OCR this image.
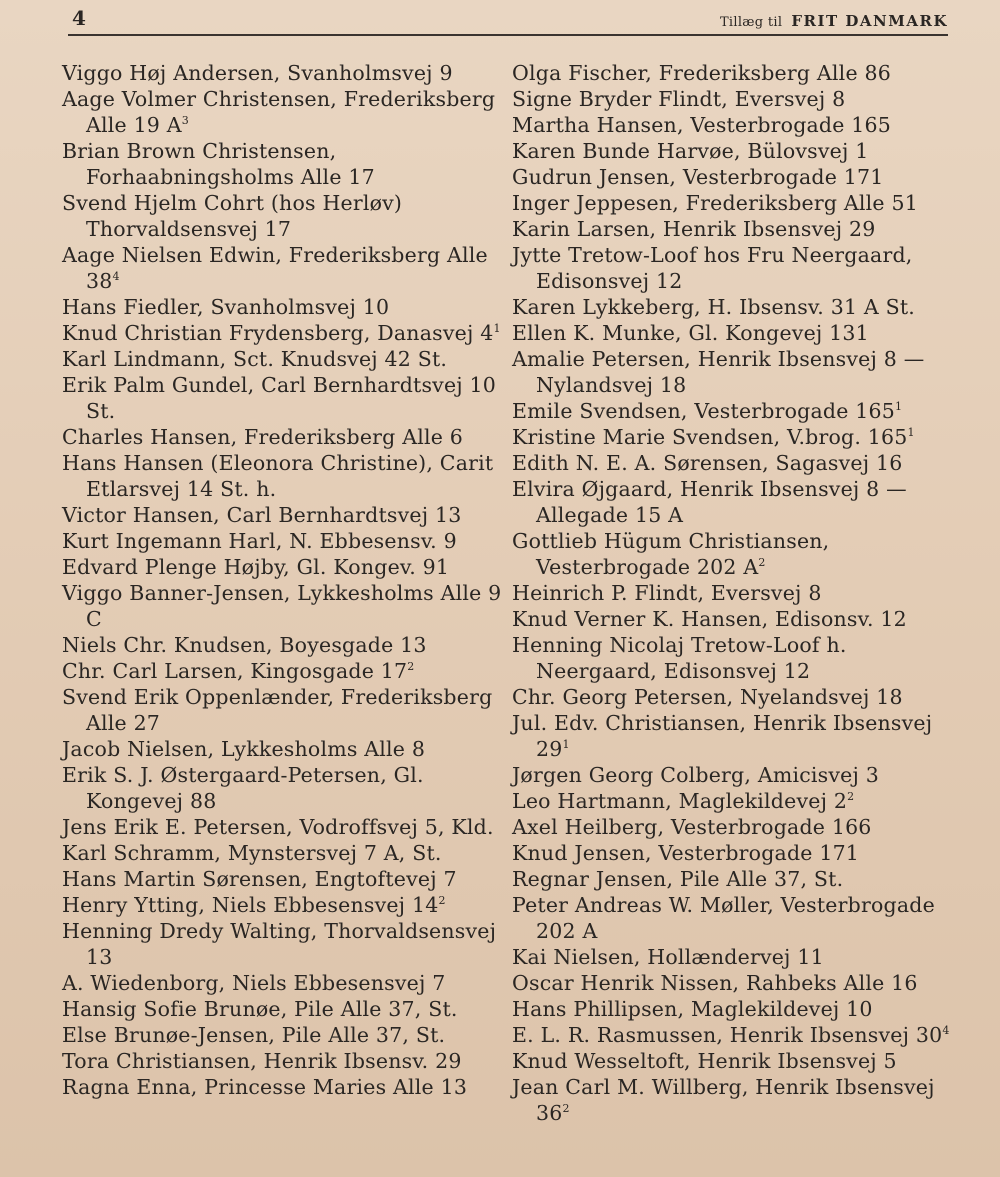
4	Tillæg til FRIT DANMARK

Viggo Høj Andersen, Svanholmsvej 9

Aage Volmer Christensen, Frederiksberg Alle 19 $A^3$

Brian Brown Christensen, Forhaabningsholms Alle 17

Svend Hjelm Cohrt (hos Herløv) Thorvaldsensvej 17

Aage Nielsen Edwin, Frederiksberg Alle $38^4$

Hans Fiedler, Svanholmsvej 10

Knud Christian Frydensberg, Danasvej $4^1$

Karl Lindmann, Sct. Knudsvej 42 St.

Erik Palm Gundel, Carl Bernhardtsvej 10 St.

Charles Hansen, Frederiksberg Alle 6

Hans Hansen (Eleonora Christine), Carit Etlarsvej 14 St. h.

Victor Hansen, Carl Bernhardtsvej 13

Kurt Ingemann Harl, N. Ebbesensv. 9

Edvard Plenge Højby, Gl. Kongev. 91

Viggo Banner-Jensen, Lykkesholms Alle 9 C

Niels Chr. Knudsen, Boyesgade 13

Chr. Carl Larsen, Kingosgade $17^2$

Svend Erik Oppenlænder, Frederiksberg Alle 27

Jacob Nielsen, Lykkesholms Alle 8

Erik S. J. Østergaard-Petersen, Gl. Kongevej 88

Jens Erik E. Petersen, Vodroffsvej 5, Kld.

Karl Schramm, Mynstersvej 7 A, St.

Hans Martin Sørensen, Engtoftevej 7

Henry Ytting, Niels Ebbesensvej $14^2$

Henning Dredy Walting, Thorvaldsensvej 13

A. Wiedenborg, Niels Ebbesensvej 7

Hansig Sofie Brunøe, Pile Alle 37, St.

Else Brunøe-Jensen, Pile Alle 37, St.

Tora Christiansen, Henrik Ibsensv. 29

Ragna Enna, Princesse Maries Alle 13

Olga Fischer, Frederiksberg Alle 86

Signe Bryder Flindt, Eversvej 8

Martha Hansen, Vesterbrogade 165

Karen Bunde Harvøe, Bülovsvej 1

Gudrun Jensen, Vesterbrogade 171

Inger Jeppesen, Frederiksberg Alle 51

Karin Larsen, Henrik Ibsensvej 29

Jytte Tretow-Loof hos Fru Neergaard, Edisonsvej 12

Karen Lykkeberg, H. Ibsensv. 31 A St.

Ellen K. Munke, Gl. Kongevej 131

Amalie Petersen, Henrik Ibsensvej 8 — Nylandsvej 18

Emile Svendsen, Vesterbrogade $165^1$

Kristine Marie Svendsen, V.brog. $165^1$

Edith N. E. A. Sørensen, Sagasvej 16

Elvira Øjgaard, Henrik Ibsensvej 8 — Allegade 15 A

Gottlieb Hügum Christiansen, Vesterbrogade 202 $A^2$

Heinrich P. Flindt, Eversvej 8

Knud Verner K. Hansen, Edisonsv. 12

Henning Nicolaj Tretow-Loof h. Neergaard, Edisonsvej 12

Chr. Georg Petersen, Nyelandsvej 18

Jul. Edv. Christiansen, Henrik Ibsensvej $29^1$

Jørgen Georg Colberg, Amicisvej 3

Leo Hartmann, Maglekildevej $2^2$

Axel Heilberg, Vesterbrogade 166

Knud Jensen, Vesterbrogade 171

Regnar Jensen, Pile Alle 37, St.

Peter Andreas W. Møller, Vesterbrogade 202 A

Kai Nielsen, Hollændervej 11

Oscar Henrik Nissen, Rahbeks Alle 16

Hans Phillipsen, Maglekildevej 10

E. L. R. Rasmussen, Henrik Ibsensvej $30^4$

Knud Wesseltoft, Henrik Ibsensvej 5

Jean Carl M. Willberg, Henrik Ibsensvej $36^2$
